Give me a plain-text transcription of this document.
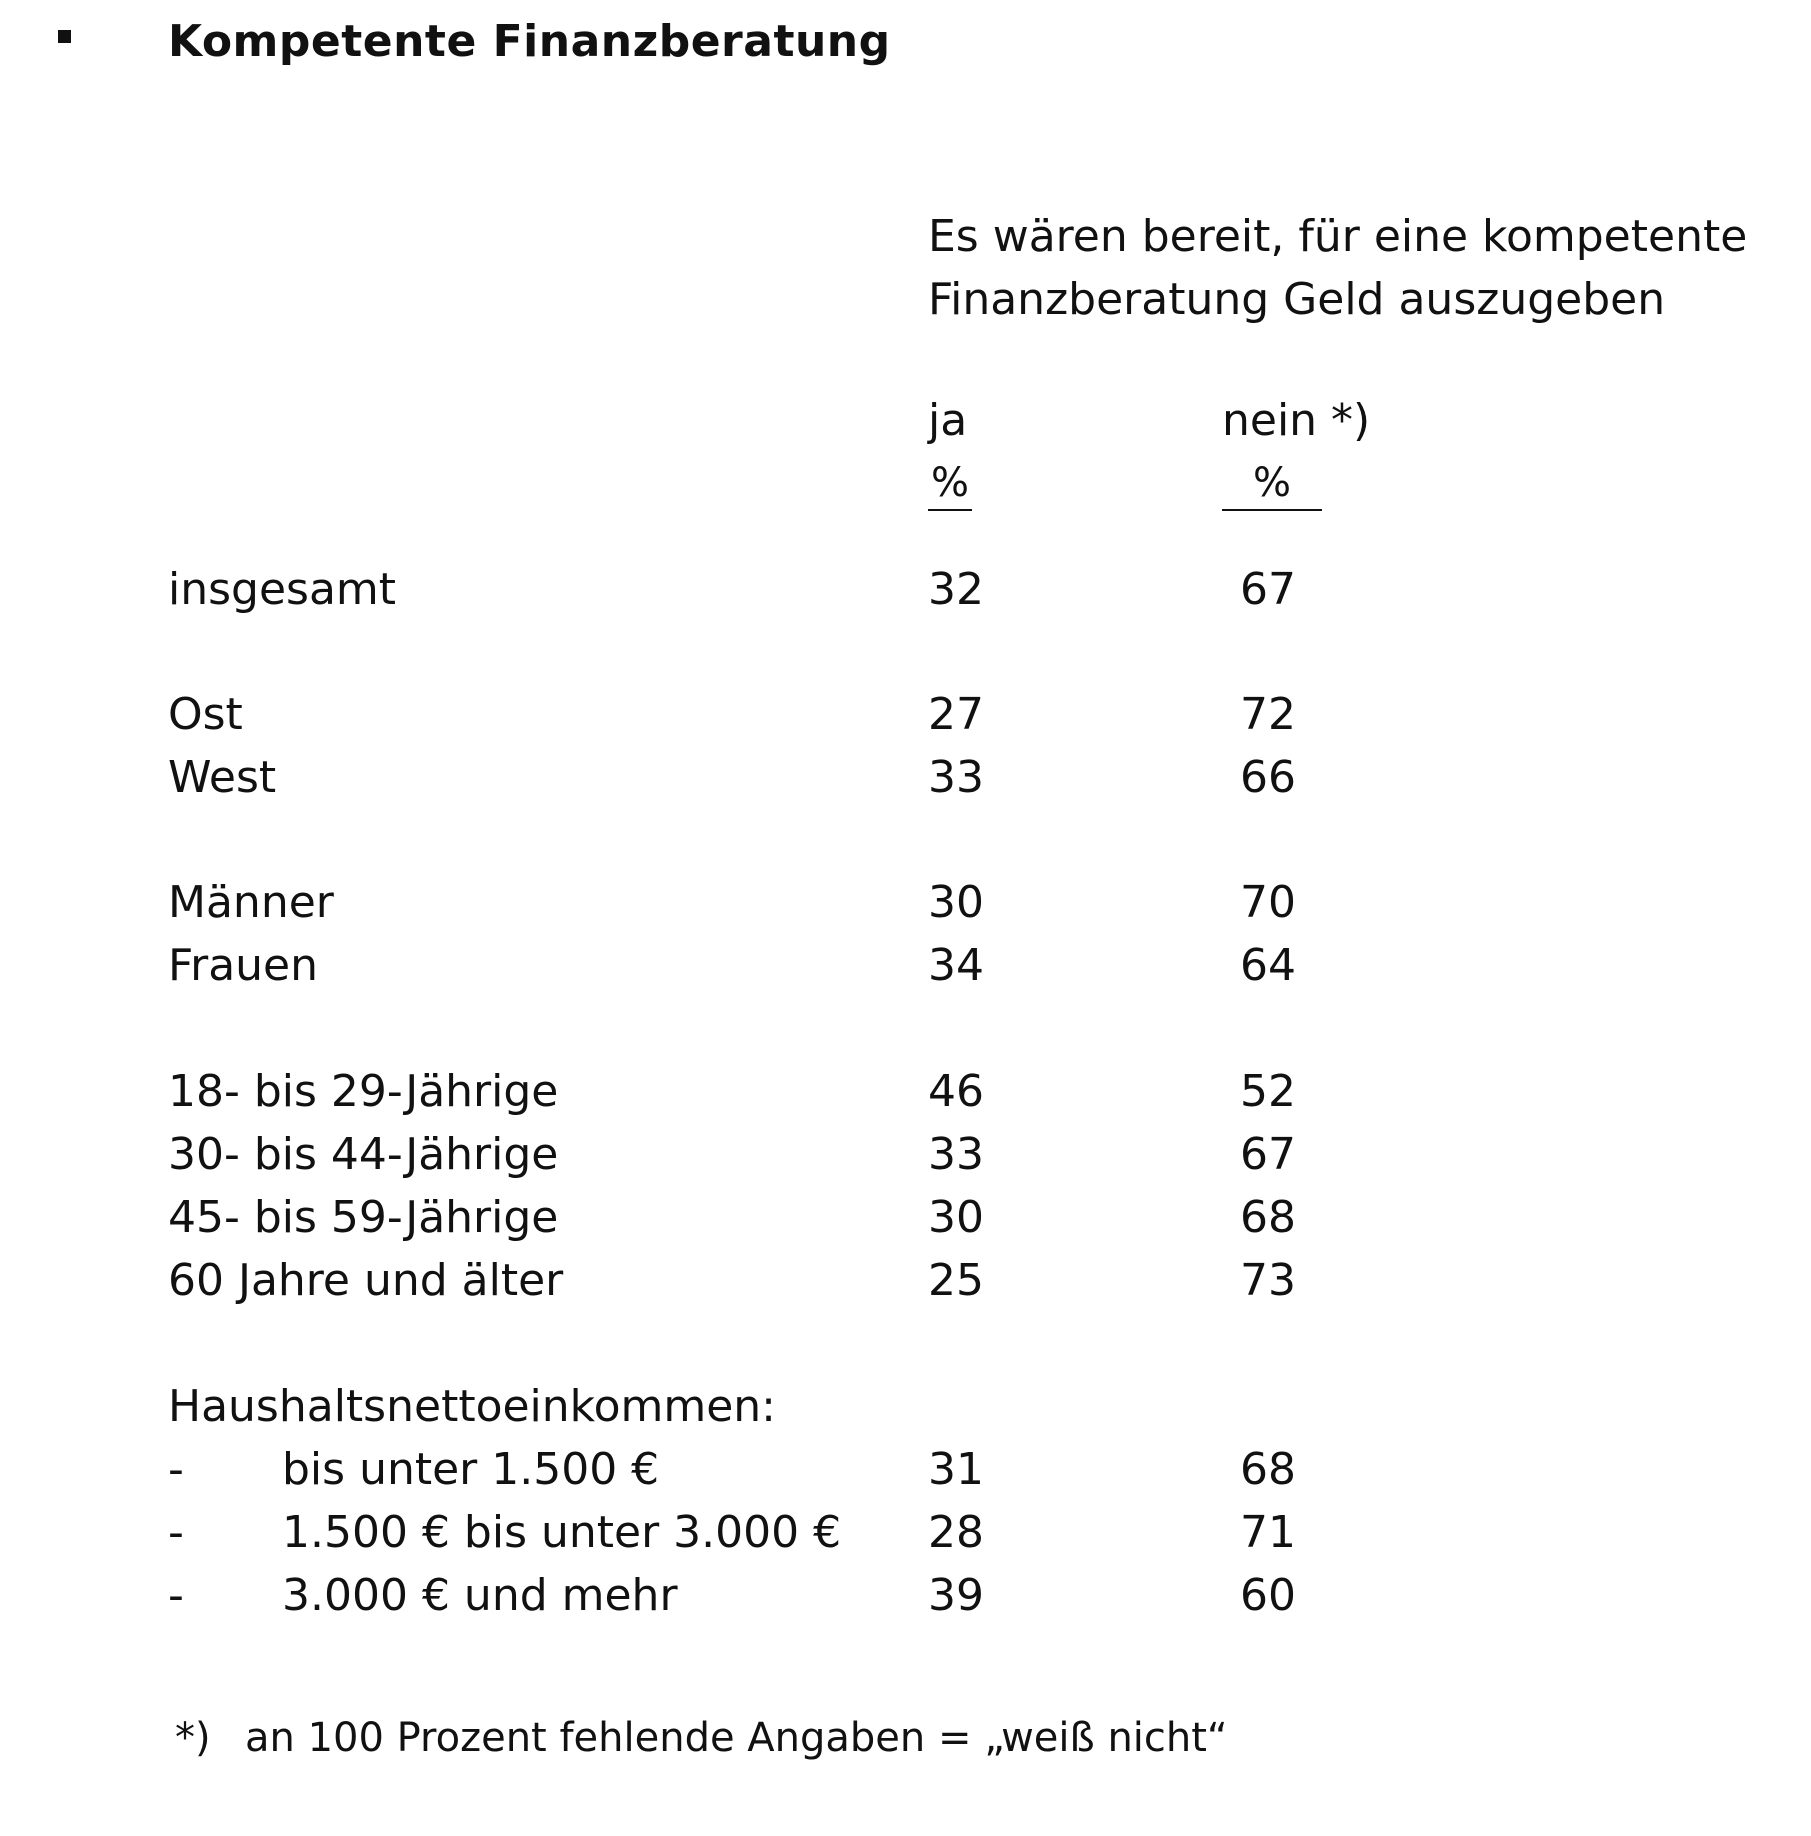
Kompetente Finanzberatung
Es wären bereit, für eine kompetente Finanzberatung Geld auszugeben
ja
%
nein *)
%
insgesamt	32	67
Ost	27	72
West	33	66
Männer	30	70
Frauen	34	64
18- bis 29-Jährige	46	52
30- bis 44-Jährige	33	67
45- bis 59-Jährige	30	68
60 Jahre und älter	25	73
Haushaltsnettoeinkommen:
- bis unter 1.500 €	31	68
- 1.500 € bis unter 3.000 € 28	71
- 3.000 € und mehr	39	60
*) an 100 Prozent fehlende Angaben = „weiß nicht“
